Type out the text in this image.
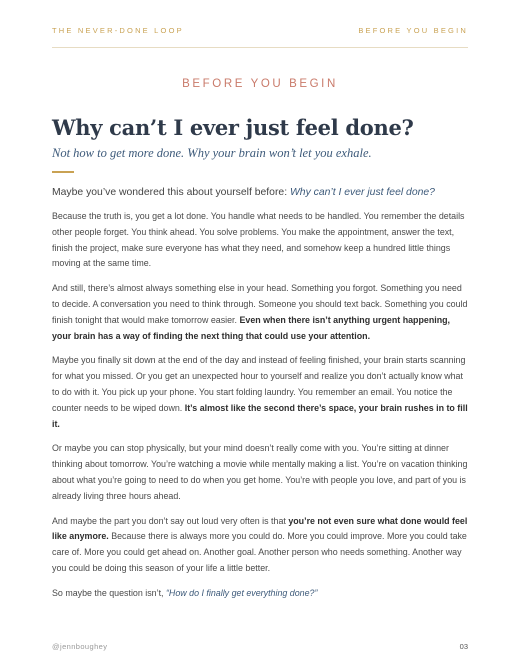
THE NEVER-DONE LOOP	BEFORE YOU BEGIN
BEFORE YOU BEGIN
Why can’t I ever just feel done?
Not how to get more done. Why your brain won’t let you exhale.
Maybe you’ve wondered this about yourself before: Why can’t I ever just feel done?

Because the truth is, you get a lot done. You handle what needs to be handled. You remember the details other people forget. You think ahead. You solve problems. You make the appointment, answer the text, finish the project, make sure everyone has what they need, and somehow keep a hundred little things moving at the same time.

And still, there’s almost always something else in your head. Something you forgot. Something you need to decide. A conversation you need to think through. Someone you should text back. Something you could finish tonight that would make tomorrow easier. Even when there isn’t anything urgent happening, your brain has a way of finding the next thing that could use your attention.

Maybe you finally sit down at the end of the day and instead of feeling finished, your brain starts scanning for what you missed. Or you get an unexpected hour to yourself and realize you don’t actually know what to do with it. You pick up your phone. You start folding laundry. You remember an email. You notice the counter needs to be wiped down. It’s almost like the second there’s space, your brain rushes in to fill it.

Or maybe you can stop physically, but your mind doesn’t really come with you. You’re sitting at dinner thinking about tomorrow. You’re watching a movie while mentally making a list. You’re on vacation thinking about what you’re going to need to do when you get home. You’re with people you love, and part of you is already living three hours ahead.

And maybe the part you don’t say out loud very often is that you’re not even sure what done would feel like anymore. Because there is always more you could do. More you could improve. More you could take care of. More you could get ahead on. Another goal. Another person who needs something. Another way you could be doing this season of your life a little better.

So maybe the question isn’t, “How do I finally get everything done?”

@jennboughey	03
